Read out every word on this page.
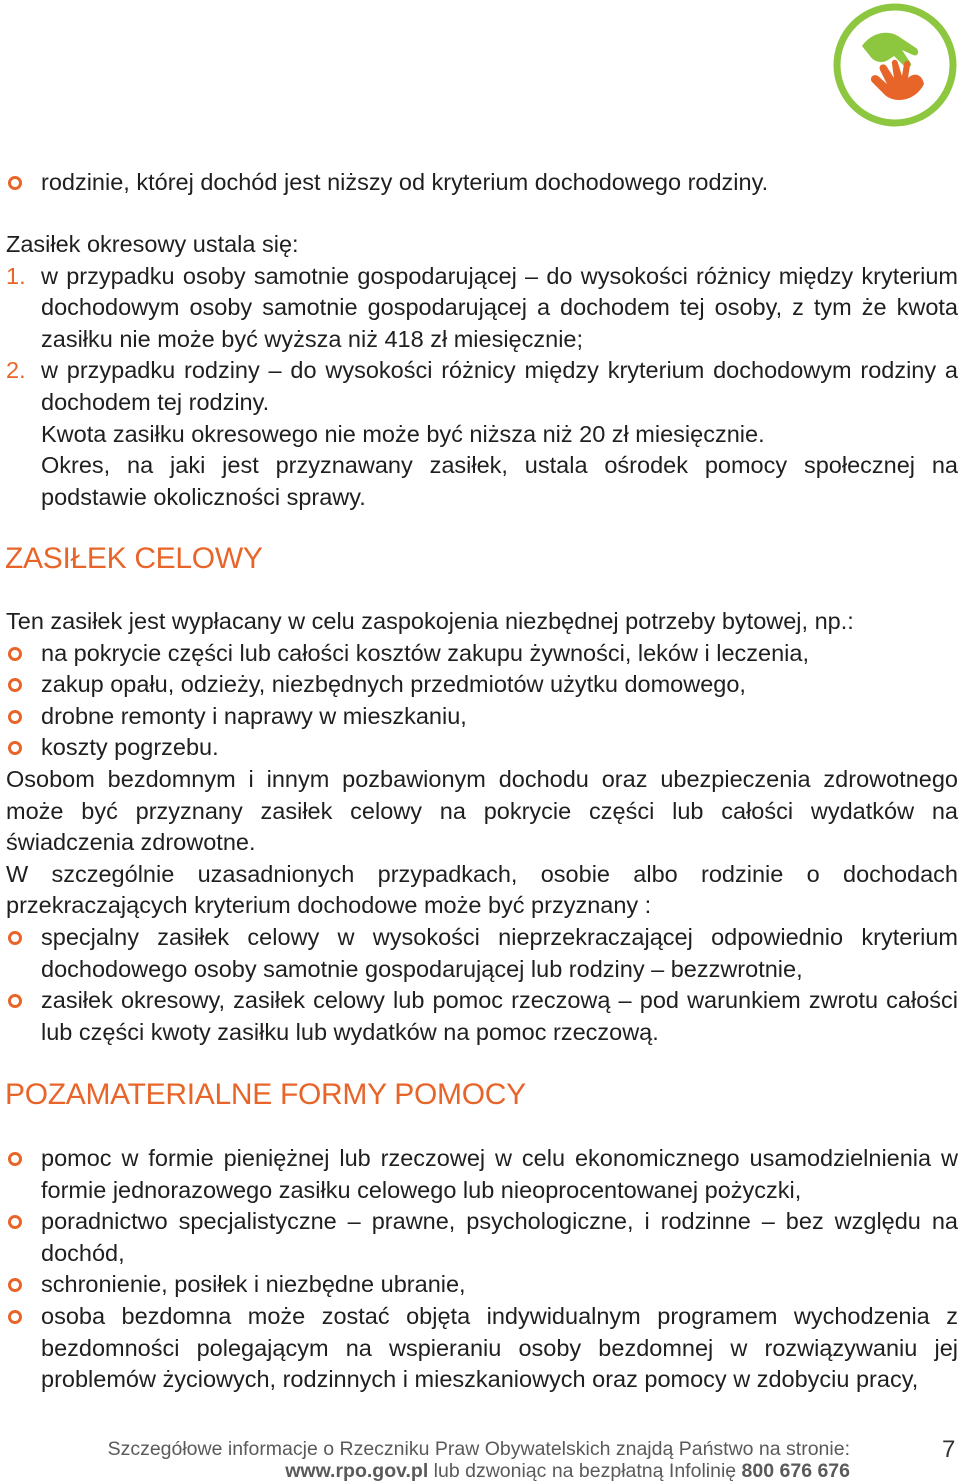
rodzinie, której dochód jest niższy od kryterium dochodowego rodziny.

Zasiłek okresowy ustala się:

1. w przypadku osoby samotnie gospodarującej – do wysokości różnicy między kryterium dochodowym osoby samotnie gospodarującej a dochodem tej osoby, z tym że kwota zasiłku nie może być wyższa niż 418 zł miesięcznie;
2. w przypadku rodziny – do wysokości różnicy między kryterium dochodowym rodziny a dochodem tej rodziny.

Kwota zasiłku okresowego nie może być niższa niż 20 zł miesięcznie.

Okres, na jaki jest przyznawany zasiłek, ustala ośrodek pomocy społecznej na podstawie okoliczności sprawy.

ZASIŁEK CELOWY

Ten zasiłek jest wypłacany w celu zaspokojenia niezbędnej potrzeby bytowej, np.:

na pokrycie części lub całości kosztów zakupu żywności, leków i leczenia,
zakup opału, odzieży, niezbędnych przedmiotów użytku domowego,
drobne remonty i naprawy w mieszkaniu,
koszty pogrzebu.

Osobom bezdomnym i innym pozbawionym dochodu oraz ubezpieczenia zdrowotnego może być przyznany zasiłek celowy na pokrycie części lub całości wydatków na świadczenia zdrowotne.

W szczególnie uzasadnionych przypadkach, osobie albo rodzinie o dochodach przekraczających kryterium dochodowe może być przyznany :

specjalny zasiłek celowy w wysokości nieprzekraczającej odpowiednio kryterium dochodowego osoby samotnie gospodarującej lub rodziny – bezzwrotnie,
zasiłek okresowy, zasiłek celowy lub pomoc rzeczową – pod warunkiem zwrotu całości lub części kwoty zasiłku lub wydatków na pomoc rzeczową.
POZAMATERIALNE FORMY POMOCY
pomoc w formie pieniężnej lub rzeczowej w celu ekonomicznego usamodzielnienia w formie jednorazowego zasiłku celowego lub nieoprocentowanej pożyczki,
poradnictwo specjalistyczne – prawne, psychologiczne, i rodzinne – bez względu na dochód,
schronienie, posiłek i niezbędne ubranie,
osoba bezdomna może zostać objęta indywidualnym programem wychodzenia z bezdomności polegającym na wspieraniu osoby bezdomnej w rozwiązywaniu jej problemów życiowych, rodzinnych i mieszkaniowych oraz pomocy w zdobyciu pracy,
Szczegółowe informacje o Rzeczniku Praw Obywatelskich znajdą Państwo na stronie:
www.rpo.gov.pl lub dzwoniąc na bezpłatną Infolinię 800 676 676
7
